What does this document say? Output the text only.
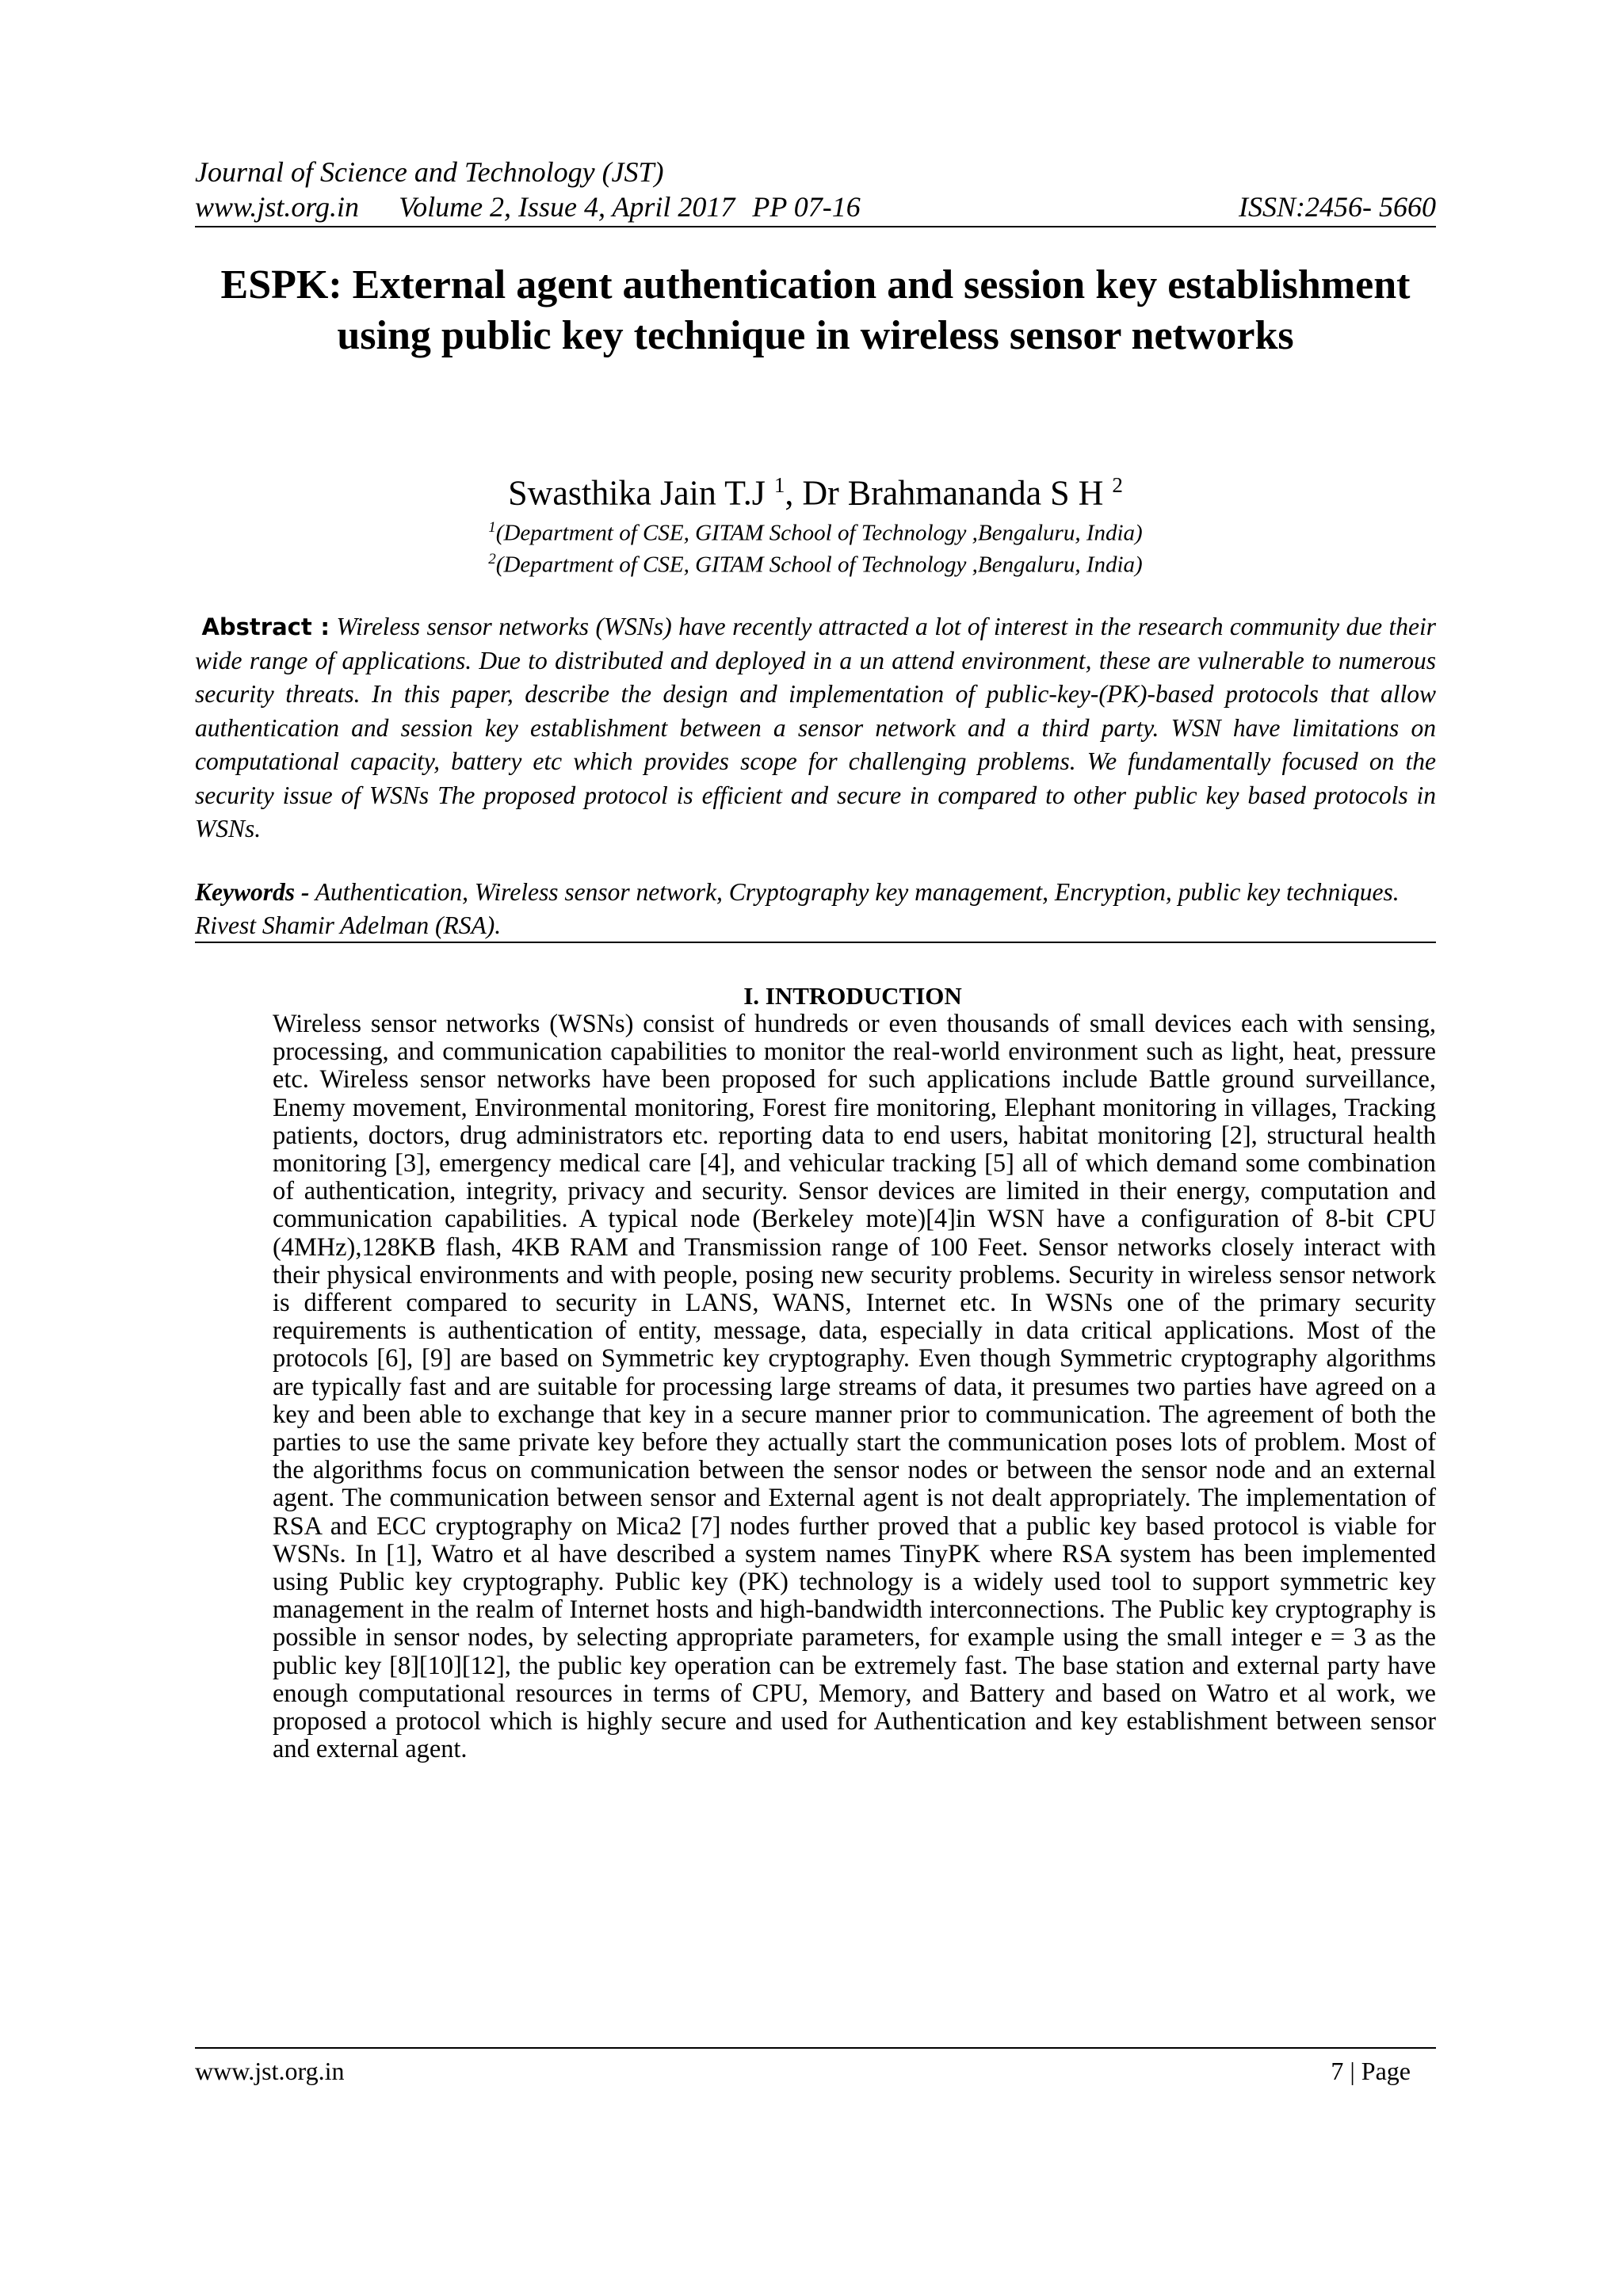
Journal of Science and Technology (JST)
www.jst.org.in Volume 2, Issue 4, April 2017 PP 07-16	ISSN:2456- 5660
ESPK: External agent authentication and session key establishment using public key technique in wireless sensor networks
Swasthika Jain T.J $^1$, Dr Brahmananda S H $^2$
$^1$(Department of CSE, GITAM School of Technology ,Bengaluru, India)
$^2$(Department of CSE, GITAM School of Technology ,Bengaluru, India)
Abstract : Wireless sensor networks (WSNs) have recently attracted a lot of interest in the research community due their wide range of applications. Due to distributed and deployed in a un attend environment, these are vulnerable to numerous security threats. In this paper, describe the design and implementation of public-key-(PK)-based protocols that allow authentication and session key establishment between a sensor network and a third party. WSN have limitations on computational capacity, battery etc which provides scope for challenging problems. We fundamentally focused on the security issue of WSNs The proposed protocol is efficient and secure in compared to other public key based protocols in WSNs.
Keywords - Authentication, Wireless sensor network, Cryptography key management, Encryption, public key techniques. Rivest Shamir Adelman (RSA).
I. INTRODUCTION
Wireless sensor networks (WSNs) consist of hundreds or even thousands of small devices each with sensing, processing, and communication capabilities to monitor the real-world environment such as light, heat, pressure etc. Wireless sensor networks have been proposed for such applications include Battle ground surveillance, Enemy movement, Environmental monitoring, Forest fire monitoring, Elephant monitoring in villages, Tracking patients, doctors, drug administrators etc. reporting data to end users, habitat monitoring [2], structural health monitoring [3], emergency medical care [4], and vehicular tracking [5] all of which demand some combination of authentication, integrity, privacy and security. Sensor devices are limited in their energy, computation and communication capabilities. A typical node (Berkeley mote)[4]in WSN have a configuration of 8-bit CPU (4MHz),128KB flash, 4KB RAM and Transmission range of 100 Feet. Sensor networks closely interact with their physical environments and with people, posing new security problems. Security in wireless sensor network is different compared to security in LANS, WANS, Internet etc. In WSNs one of the primary security requirements is authentication of entity, message, data, especially in data critical applications. Most of the protocols [6], [9] are based on Symmetric key cryptography. Even though Symmetric cryptography algorithms are typically fast and are suitable for processing large streams of data, it presumes two parties have agreed on a key and been able to exchange that key in a secure manner prior to communication. The agreement of both the parties to use the same private key before they actually start the communication poses lots of problem. Most of the algorithms focus on communication between the sensor nodes or between the sensor node and an external agent. The communication between sensor and External agent is not dealt appropriately. The implementation of RSA and ECC cryptography on Mica2 [7] nodes further proved that a public key based protocol is viable for WSNs. In [1], Watro et al have described a system names TinyPK where RSA system has been implemented using Public key cryptography. Public key (PK) technology is a widely used tool to support symmetric key management in the realm of Internet hosts and high-bandwidth interconnections. The Public key cryptography is possible in sensor nodes, by selecting appropriate parameters, for example using the small integer e = 3 as the public key [8][10][12], the public key operation can be extremely fast. The base station and external party have enough computational resources in terms of CPU, Memory, and Battery and based on Watro et al work, we proposed a protocol which is highly secure and used for Authentication and key establishment between sensor and external agent.
www.jst.org.in	7 | Page
